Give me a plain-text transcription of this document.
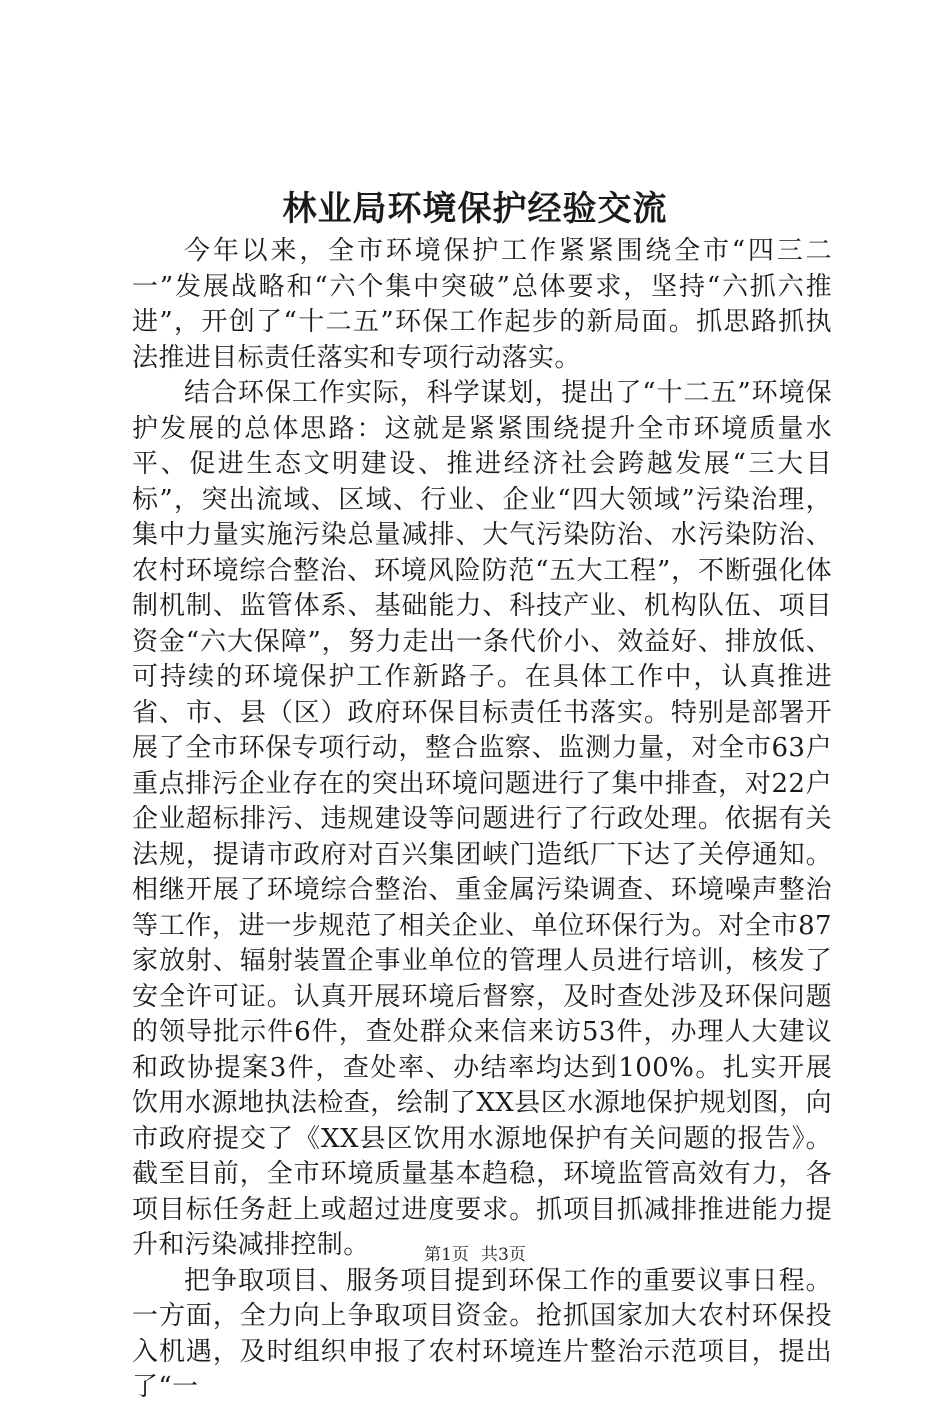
林业局环境保护经验交流

今年以来，全市环境保护工作紧紧围绕全市“四三二一”发展战略和“六个集中突破”总体要求，坚持“六抓六推进”，开创了“十二五”环保工作起步的新局面。抓思路抓执法推进目标责任落实和专项行动落实。

结合环保工作实际，科学谋划，提出了“十二五”环境保护发展的总体思路：这就是紧紧围绕提升全市环境质量水平、促进生态文明建设、推进经济社会跨越发展“三大目标”，突出流域、区域、行业、企业“四大领域”污染治理，集中力量实施污染总量减排、大气污染防治、水污染防治、农村环境综合整治、环境风险防范“五大工程”，不断强化体制机制、监管体系、基础能力、科技产业、机构队伍、项目资金“六大保障”，努力走出一条代价小、效益好、排放低、可持续的环境保护工作新路子。在具体工作中，认真推进省、市、县（区）政府环保目标责任书落实。特别是部署开展了全市环保专项行动，整合监察、监测力量，对全市63户重点排污企业存在的突出环境问题进行了集中排查，对22户企业超标排污、违规建设等问题进行了行政处理。依据有关法规，提请市政府对百兴集团峡门造纸厂下达了关停通知。相继开展了环境综合整治、重金属污染调查、环境噪声整治等工作，进一步规范了相关企业、单位环保行为。对全市87家放射、辐射装置企事业单位的管理人员进行培训，核发了安全许可证。认真开展环境后督察，及时查处涉及环保问题的领导批示件6件，查处群众来信来访53件，办理人大建议和政协提案3件，查处率、办结率均达到100%。扎实开展饮用水源地执法检查，绘制了XX县区水源地保护规划图，向市政府提交了《XX县区饮用水源地保护有关问题的报告》。截至目前，全市环境质量基本趋稳，环境监管高效有力，各项目标任务赶上或超过进度要求。抓项目抓减排推进能力提升和污染减排控制。

把争取项目、服务项目提到环保工作的重要议事日程。一方面，全力向上争取项目资金。抢抓国家加大农村环保投入机遇，及时组织申报了农村环境连片整治示范项目，提出了“一

第1页 共3页
